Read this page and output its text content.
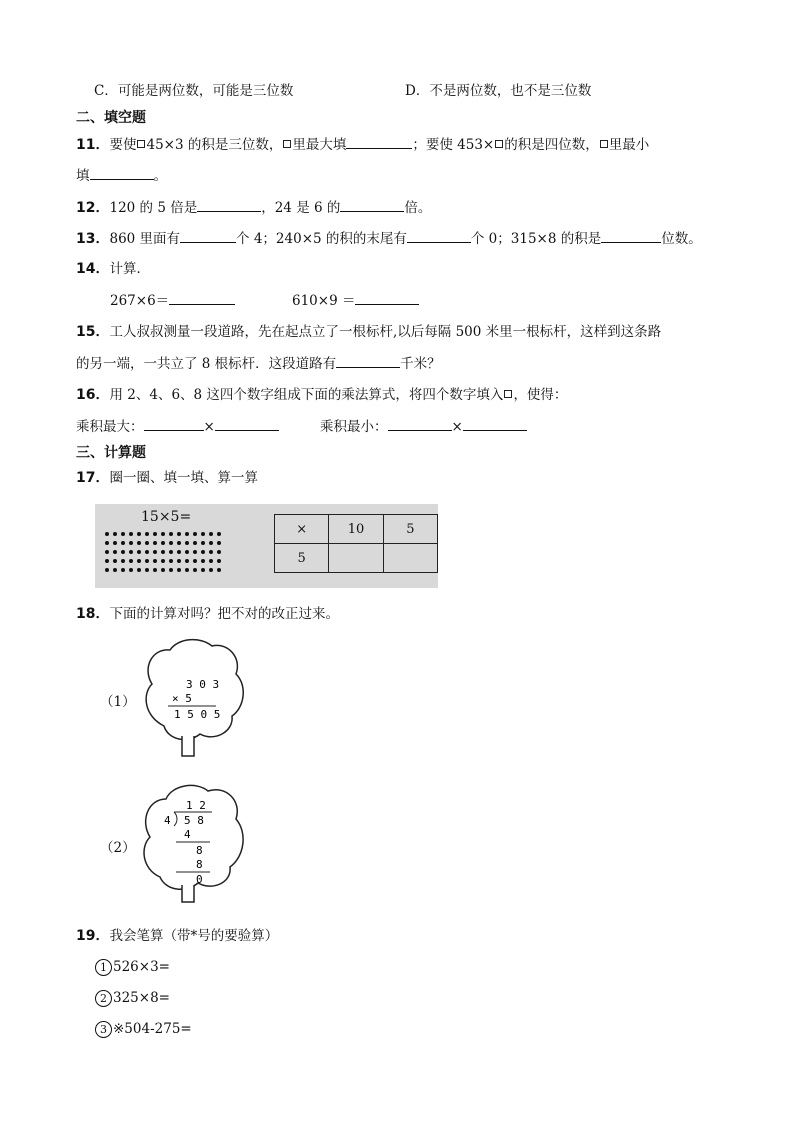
C．可能是两位数，可能是三位数	D．不是两位数，也不是三位数
二、填空题
11．要使 45×3 的积是三位数， 里最大填	；要使 453× 的积是四位数， 里最小
填	。
12．120 的 5 倍是	，24 是 6 的	倍。
13．860 里面有	个 4；240×5 的积的末尾有	个 0；315×8 的积是	位数。
14．计算．
267×6＝	610×9 ＝
15．工人叔叔测量一段道路，先在起点立了一根标杆,以后每隔 500 米里一根标杆，这样到这条路
的另一端，一共立了 8 根标杆．这段道路有	千米？
16．用 2、4、6、8 这四个数字组成下面的乘法算式，将四个数字填入 ，使得：
乘积最大：	×	乘积最小：	×
三、计算题
17．圈一圈、填一填、算一算
15×5=
×	10	5
5		
18．下面的计算对吗？把不对的改正过来。
（1）
3 0 3
× 5
1 5 0 5
（2）
1 2
4 5 8
4
8
8
0
19．我会笔算（带*号的要验算）
1 526×3=
2 325×8=
3 ※504-275=
